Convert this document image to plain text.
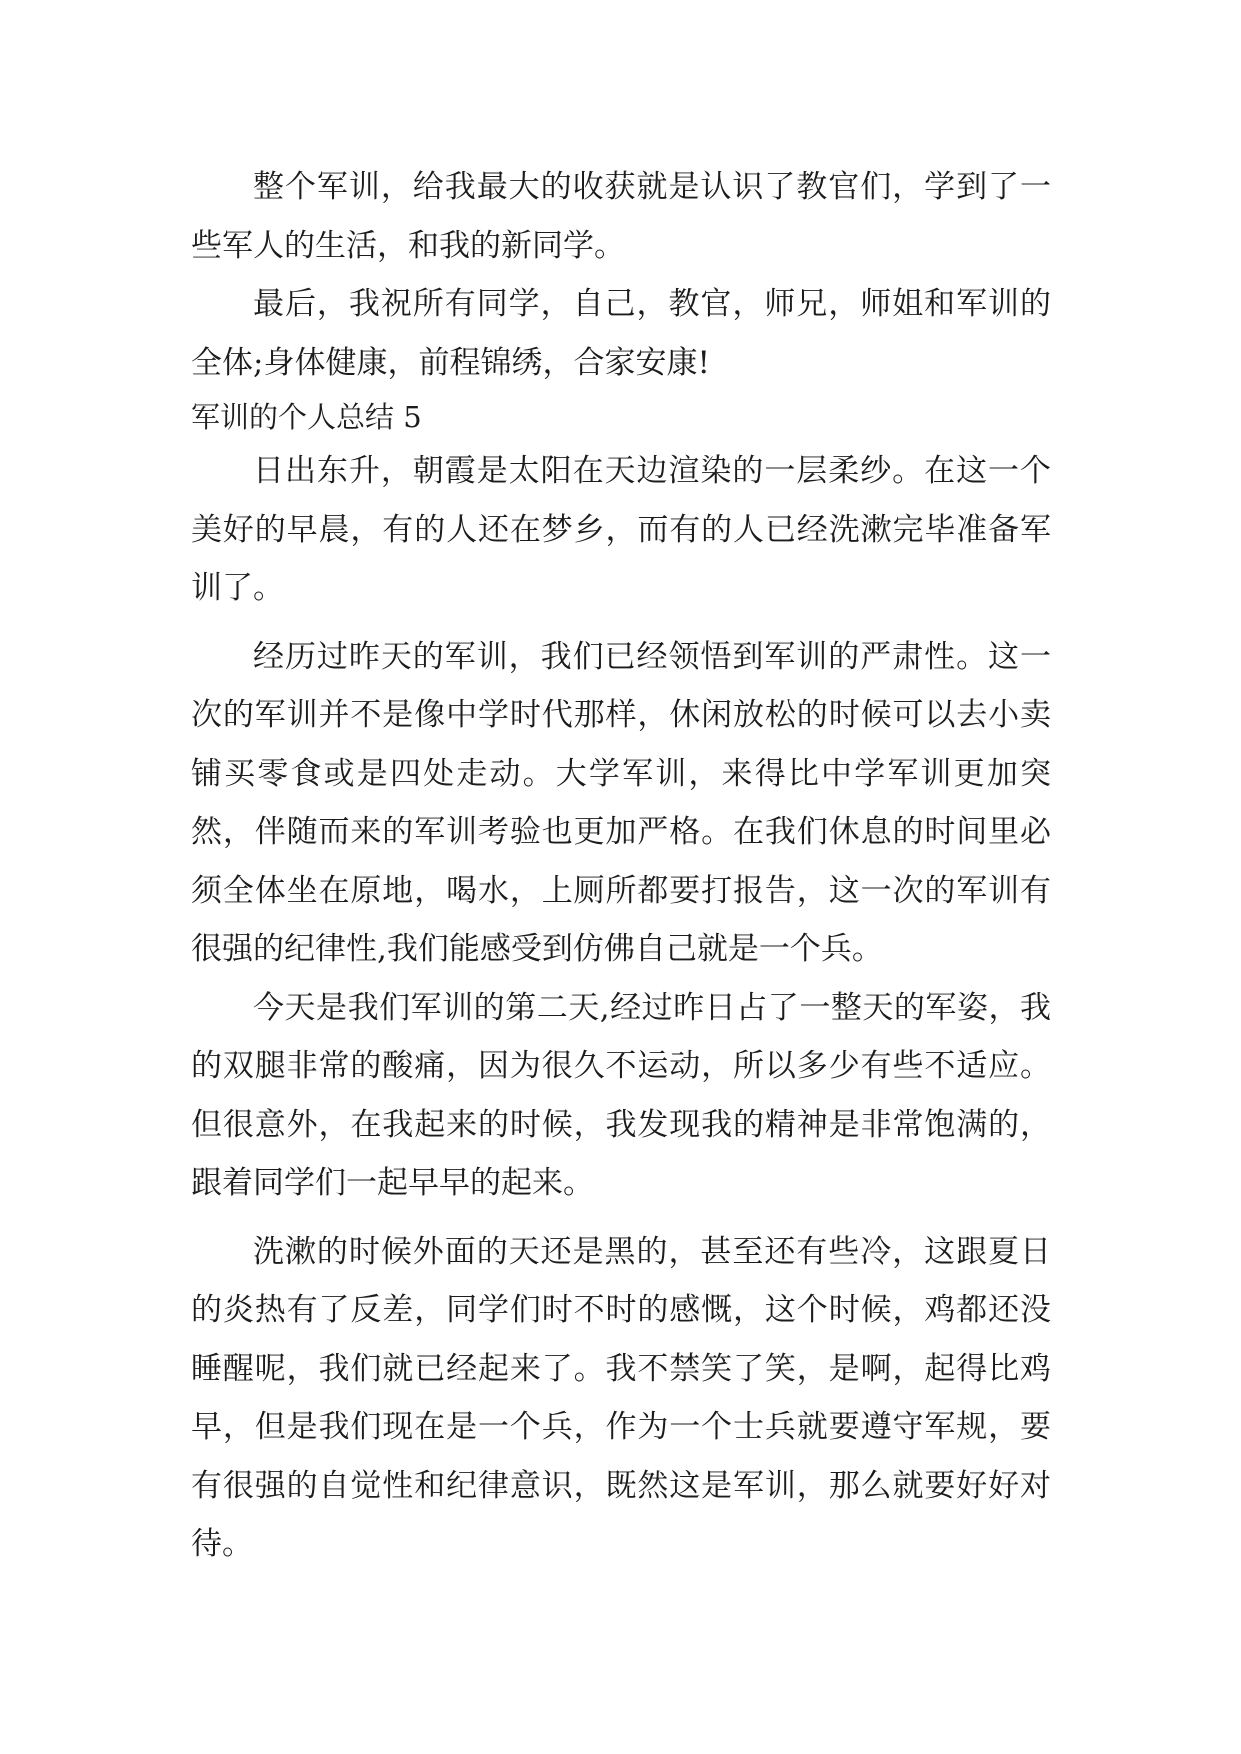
整个军训，给我最大的收获就是认识了教官们，学到了一些军人的生活，和我的新同学。

最后，我祝所有同学，自己，教官，师兄，师姐和军训的全体;身体健康，前程锦绣，合家安康!

军训的个人总结 5

日出东升，朝霞是太阳在天边渲染的一层柔纱。在这一个美好的早晨，有的人还在梦乡，而有的人已经洗漱完毕准备军训了。

经历过昨天的军训，我们已经领悟到军训的严肃性。这一次的军训并不是像中学时代那样，休闲放松的时候可以去小卖铺买零食或是四处走动。大学军训，来得比中学军训更加突然，伴随而来的军训考验也更加严格。在我们休息的时间里必须全体坐在原地，喝水，上厕所都要打报告，这一次的军训有很强的纪律性,我们能感受到仿佛自己就是一个兵。

今天是我们军训的第二天,经过昨日占了一整天的军姿，我的双腿非常的酸痛，因为很久不运动，所以多少有些不适应。但很意外，在我起来的时候，我发现我的精神是非常饱满的，跟着同学们一起早早的起来。

洗漱的时候外面的天还是黑的，甚至还有些冷，这跟夏日的炎热有了反差，同学们时不时的感慨，这个时候，鸡都还没睡醒呢，我们就已经起来了。我不禁笑了笑，是啊，起得比鸡早，但是我们现在是一个兵，作为一个士兵就要遵守军规，要有很强的自觉性和纪律意识，既然这是军训，那么就要好好对待。
